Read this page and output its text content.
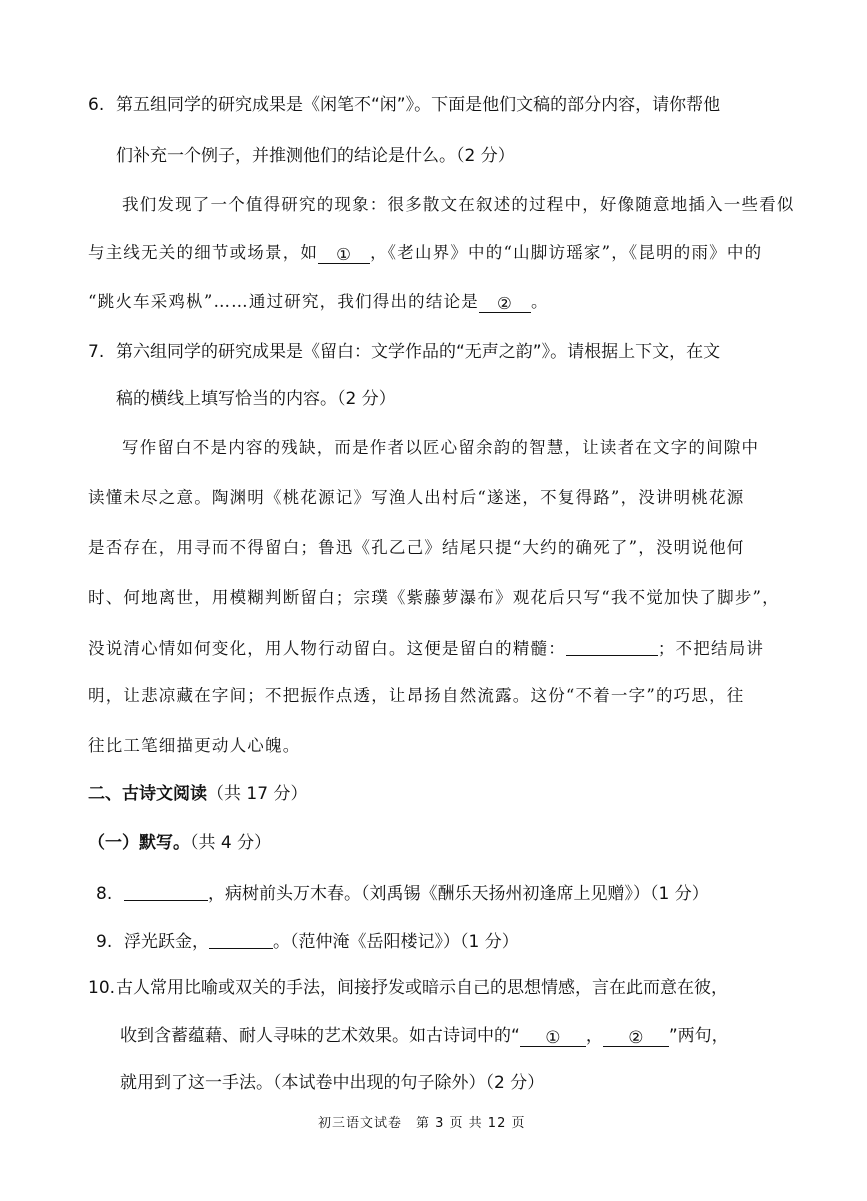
6. 第五组同学的研究成果是《闲笔不“闲”》。下面是他们文稿的部分内容，请你帮他
们补充一个例子，并推测他们的结论是什么。（2 分）
我们发现了一个值得研究的现象：很多散文在叙述的过程中，好像随意地插入一些看似
与主线无关的细节或场景，如 ① ，《老山界》中的“山脚访瑶家”，《昆明的雨》中的
“跳火车采鸡枞”……通过研究，我们得出的结论是 ② 。
7. 第六组同学的研究成果是《留白：文学作品的“无声之韵”》。请根据上下文，在文
稿的横线上填写恰当的内容。（2 分）
写作留白不是内容的残缺，而是作者以匠心留余韵的智慧，让读者在文字的间隙中
读懂未尽之意。陶渊明《桃花源记》写渔人出村后“遂迷，不复得路”，没讲明桃花源
是否存在，用寻而不得留白；鲁迅《孔乙己》结尾只提“大约的确死了”，没明说他何
时、何地离世，用模糊判断留白；宗璞《紫藤萝瀑布》观花后只写“我不觉加快了脚步”，
没说清心情如何变化，用人物行动留白。这便是留白的精髓：	；不把结局讲
明，让悲凉藏在字间；不把振作点透，让昂扬自然流露。这份“不着一字”的巧思，往
往比工笔细描更动人心魄。
二、古诗文阅读（共 17 分）
（一）默写。（共 4 分）
8.	，病树前头万木春。（刘禹锡《酬乐天扬州初逢席上见赠》）（1 分）
9. 浮光跃金，	。（范仲淹《岳阳楼记》）（1 分）
10.古人常用比喻或双关的手法，间接抒发或暗示自己的思想情感，言在此而意在彼，
收到含蓄蕴藉、耐人寻味的艺术效果。如古诗词中的“ ① ， ② ”两句，
就用到了这一手法。（本试卷中出现的句子除外）（2 分）
初三语文试卷　第 3 页 共 12 页
